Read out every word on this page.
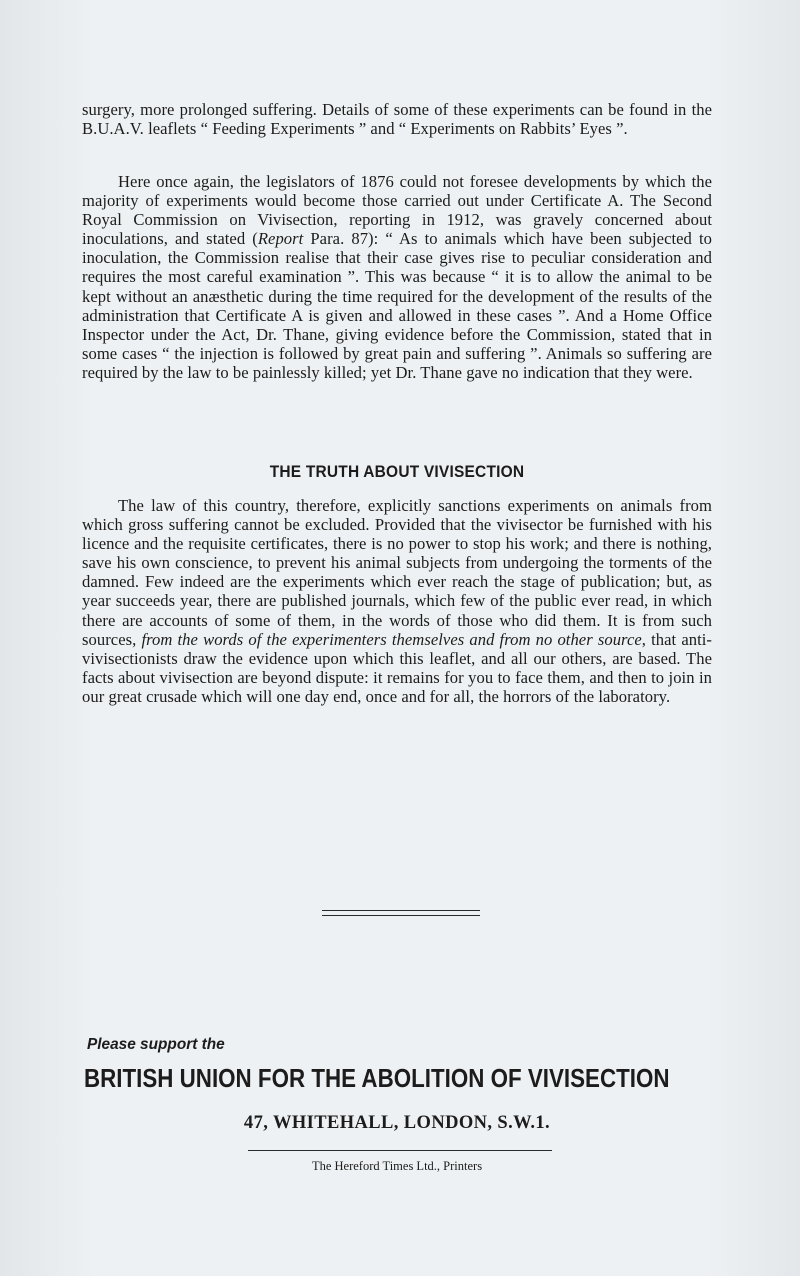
surgery, more prolonged suffering. Details of some of these experiments can be found in the B.U.A.V. leaflets “ Feeding Experiments ” and “ Experiments on Rabbits’ Eyes ”.

Here once again, the legislators of 1876 could not foresee developments by which the majority of experiments would become those carried out under Certificate A. The Second Royal Commission on Vivisection, reporting in 1912, was gravely concerned about inoculations, and stated (Report Para. 87): “ As to animals which have been subjected to inoculation, the Commission realise that their case gives rise to peculiar consideration and requires the most careful examination ”. This was because “ it is to allow the animal to be kept without an anæsthetic during the time required for the development of the results of the administration that Certificate A is given and allowed in these cases ”. And a Home Office Inspector under the Act, Dr. Thane, giving evidence before the Commission, stated that in some cases “ the injection is followed by great pain and suffering ”. Animals so suffering are required by the law to be painlessly killed; yet Dr. Thane gave no indication that they were.

THE TRUTH ABOUT VIVISECTION

The law of this country, therefore, explicitly sanctions experiments on animals from which gross suffering cannot be excluded. Provided that the vivisector be furnished with his licence and the requisite certificates, there is no power to stop his work; and there is nothing, save his own conscience, to prevent his animal subjects from undergoing the torments of the damned. Few indeed are the experiments which ever reach the stage of publication; but, as year succeeds year, there are published journals, which few of the public ever read, in which there are accounts of some of them, in the words of those who did them. It is from such sources, from the words of the experimenters themselves and from no other source, that anti-vivisectionists draw the evidence upon which this leaflet, and all our others, are based. The facts about vivisection are beyond dispute: it remains for you to face them, and then to join in our great crusade which will one day end, once and for all, the horrors of the laboratory.

Please support the
BRITISH UNION FOR THE ABOLITION OF VIVISECTION
47, WHITEHALL, LONDON, S.W.1.
The Hereford Times Ltd., Printers
